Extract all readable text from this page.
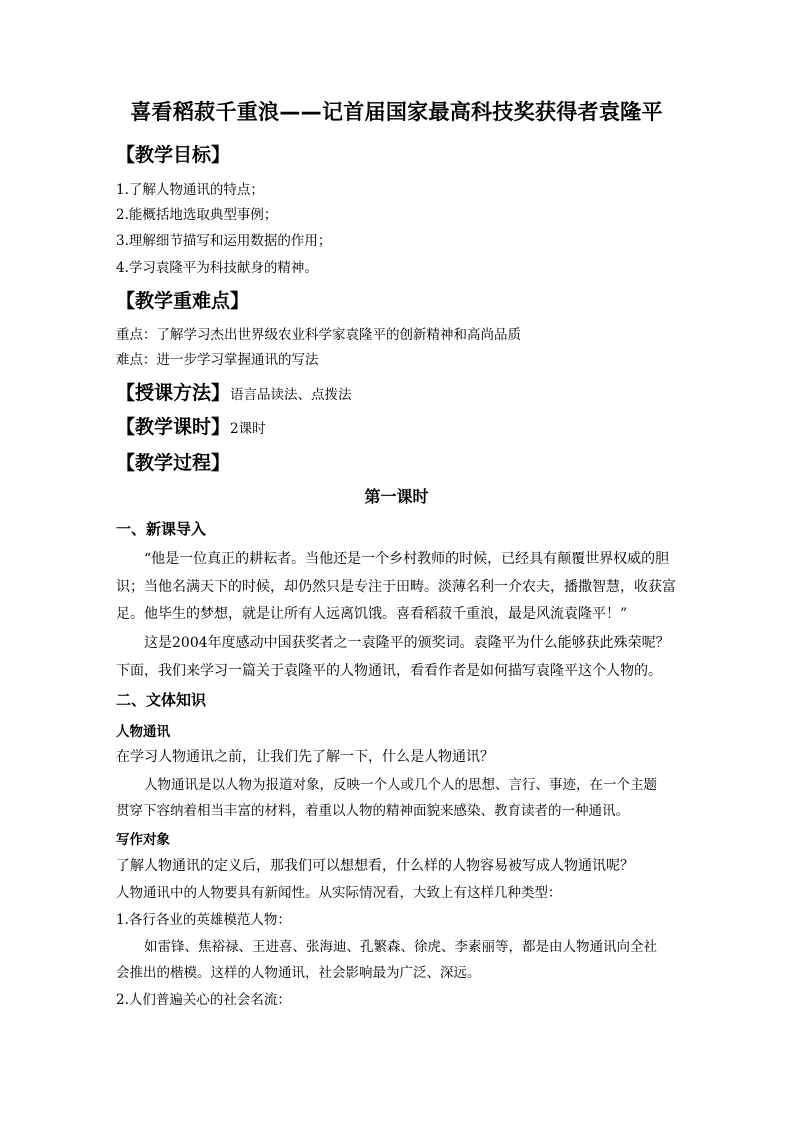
喜看稻菽千重浪——记首届国家最高科技奖获得者袁隆平
【教学目标】
1.了解人物通讯的特点；
2.能概括地选取典型事例；
3.理解细节描写和运用数据的作用；
4.学习袁隆平为科技献身的精神。
【教学重难点】
重点：了解学习杰出世界级农业科学家袁隆平的创新精神和高尚品质
难点：进一步学习掌握通讯的写法
【授课方法】语言品读法、点拨法
【教学课时】2课时
【教学过程】
第一课时
一、新课导入
“他是一位真正的耕耘者。当他还是一个乡村教师的时候，已经具有颠覆世界权威的胆
识；当他名满天下的时候，却仍然只是专注于田畴。淡薄名利一介农夫，播撒智慧，收获富
足。他毕生的梦想，就是让所有人远离饥饿。喜看稻菽千重浪，最是风流袁隆平！”
这是2004年度感动中国获奖者之一袁隆平的颁奖词。袁隆平为什么能够获此殊荣呢？
下面，我们来学习一篇关于袁隆平的人物通讯，看看作者是如何描写袁隆平这个人物的。
二、文体知识
人物通讯
在学习人物通讯之前，让我们先了解一下，什么是人物通讯？
人物通讯是以人物为报道对象，反映一个人或几个人的思想、言行、事迹，在一个主题
贯穿下容纳着相当丰富的材料，着重以人物的精神面貌来感染、教育读者的一种通讯。
写作对象
了解人物通讯的定义后，那我们可以想想看，什么样的人物容易被写成人物通讯呢？
人物通讯中的人物要具有新闻性。从实际情况看，大致上有这样几种类型：
1.各行各业的英雄模范人物：
如雷锋、焦裕禄、王进喜、张海迪、孔繁森、徐虎、李素丽等，都是由人物通讯向全社
会推出的楷模。这样的人物通讯，社会影响最为广泛、深远。
2.人们普遍关心的社会名流：
